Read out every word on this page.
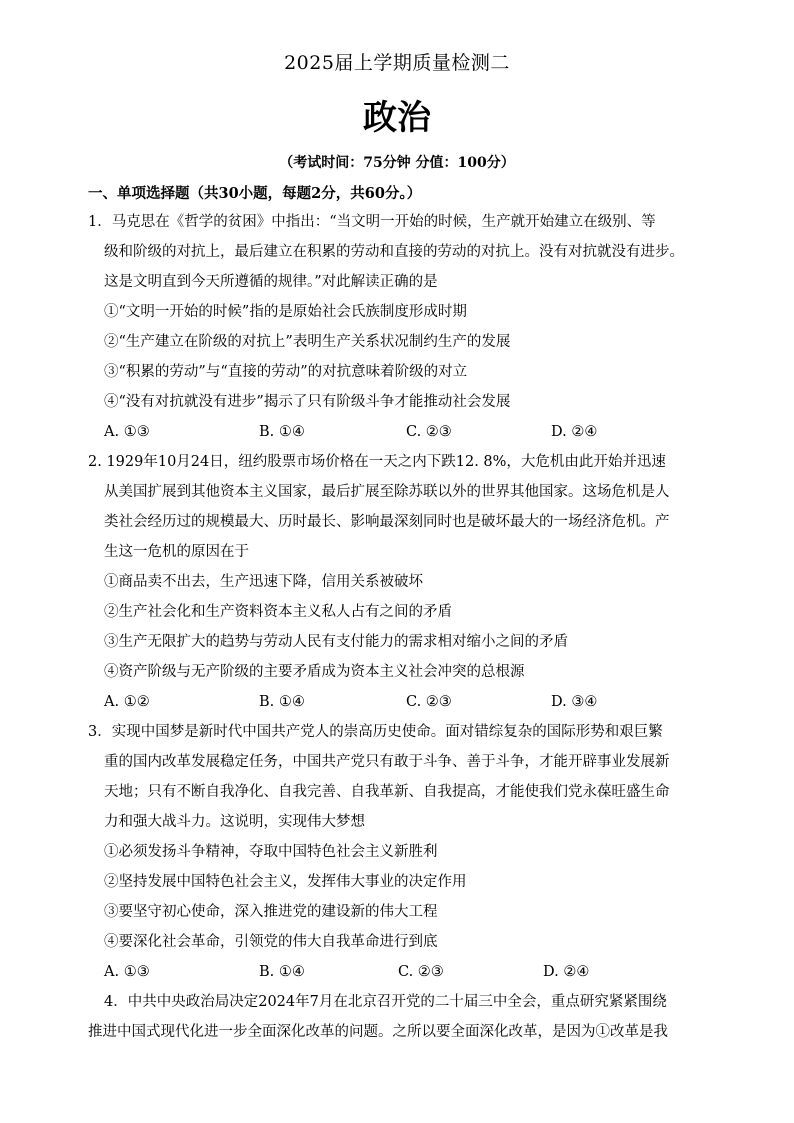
2025届上学期质量检测二
政治
（考试时间：75分钟 分值：100分）
一、单项选择题（共30小题，每题2分，共60分。）
1．马克思在《哲学的贫困》中指出：“当文明一开始的时候，生产就开始建立在级别、等
级和阶级的对抗上，最后建立在积累的劳动和直接的劳动的对抗上。没有对抗就没有进步。
这是文明直到今天所遵循的规律。”对此解读正确的是
①“文明一开始的时候”指的是原始社会氏族制度形成时期
②“生产建立在阶级的对抗上”表明生产关系状况制约生产的发展
③“积累的劳动”与“直接的劳动”的对抗意味着阶级的对立
④“没有对抗就没有进步”揭示了只有阶级斗争才能推动社会发展
A. ①③	B. ①④	C. ②③	D. ②④
2. 1929年10月24日，纽约股票市场价格在一天之内下跌12. 8%，大危机由此开始并迅速
从美国扩展到其他资本主义国家，最后扩展至除苏联以外的世界其他国家。这场危机是人
类社会经历过的规模最大、历时最长、影响最深刻同时也是破坏最大的一场经济危机。产
生这一危机的原因在于
①商品卖不出去，生产迅速下降，信用关系被破坏
②生产社会化和生产资料资本主义私人占有之间的矛盾
③生产无限扩大的趋势与劳动人民有支付能力的需求相对缩小之间的矛盾
④资产阶级与无产阶级的主要矛盾成为资本主义社会冲突的总根源
A. ①②	B. ①④	C. ②③	D. ③④
3．实现中国梦是新时代中国共产党人的崇高历史使命。面对错综复杂的国际形势和艰巨繁
重的国内改革发展稳定任务，中国共产党只有敢于斗争、善于斗争，才能开辟事业发展新
天地；只有不断自我净化、自我完善、自我革新、自我提高，才能使我们党永葆旺盛生命
力和强大战斗力。这说明，实现伟大梦想
①必须发扬斗争精神，夺取中国特色社会主义新胜利
②坚持发展中国特色社会主义，发挥伟大事业的决定作用
③要坚守初心使命，深入推进党的建设新的伟大工程
④要深化社会革命，引领党的伟大自我革命进行到底
A. ①③	B. ①④	C. ②③	D. ②④
4．中共中央政治局决定2024年7月在北京召开党的二十届三中全会，重点研究紧紧围绕
推进中国式现代化进一步全面深化改革的问题。之所以要全面深化改革，是因为①改革是我
